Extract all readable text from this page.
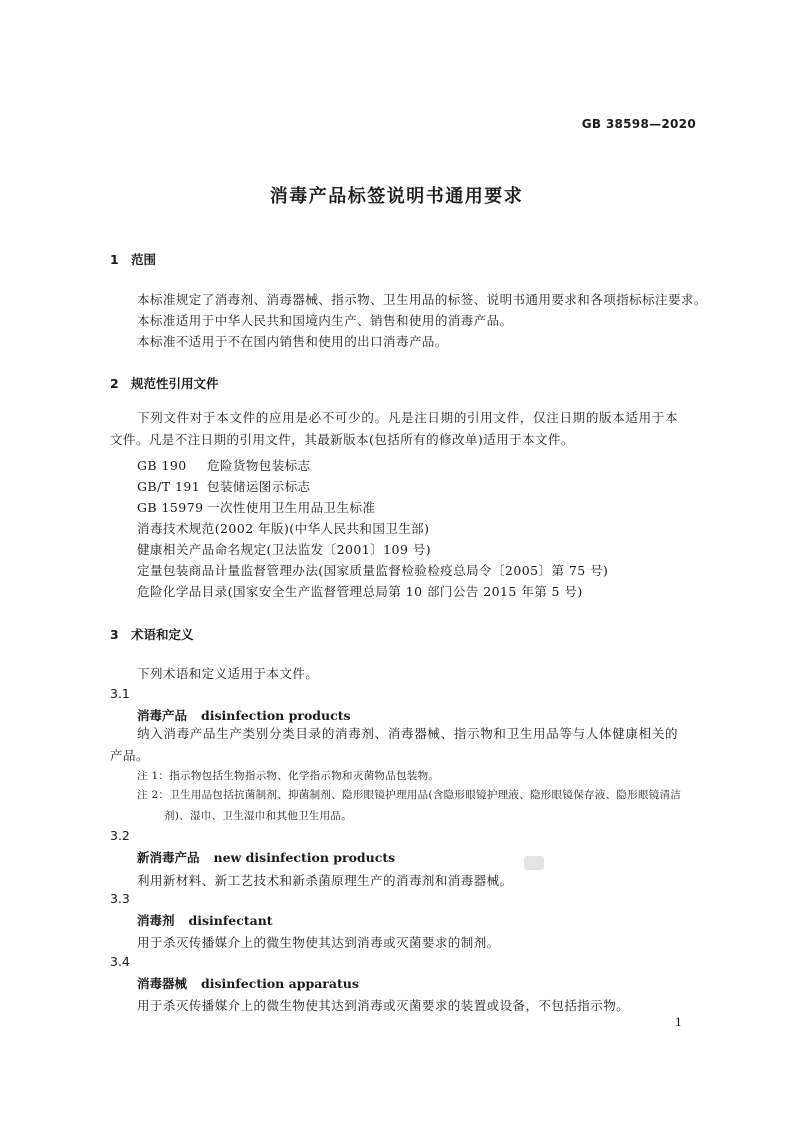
GB 38598—2020
消毒产品标签说明书通用要求
1 范围
本标准规定了消毒剂、消毒器械、指示物、卫生用品的标签、说明书通用要求和各项指标标注要求。
本标准适用于中华人民共和国境内生产、销售和使用的消毒产品。
本标准不适用于不在国内销售和使用的出口消毒产品。
2 规范性引用文件
下列文件对于本文件的应用是必不可少的。凡是注日期的引用文件，仅注日期的版本适用于本文件。凡是不注日期的引用文件，其最新版本(包括所有的修改单)适用于本文件。
GB 190 危险货物包装标志
GB/T 191 包装储运图示标志
GB 15979 一次性使用卫生用品卫生标准
消毒技术规范(2002 年版)(中华人民共和国卫生部)
健康相关产品命名规定(卫法监发〔2001〕109 号)
定量包装商品计量监督管理办法(国家质量监督检验检疫总局令〔2005〕第 75 号)
危险化学品目录(国家安全生产监督管理总局第 10 部门公告 2015 年第 5 号)
3 术语和定义
下列术语和定义适用于本文件。
3.1
消毒产品 disinfection products
纳入消毒产品生产类别分类目录的消毒剂、消毒器械、指示物和卫生用品等与人体健康相关的产品。
注 1：指示物包括生物指示物、化学指示物和灭菌物品包装物。
注 2：卫生用品包括抗菌制剂、抑菌制剂、隐形眼镜护理用品(含隐形眼镜护理液、隐形眼镜保存液、隐形眼镜清洁剂)、湿巾、卫生湿巾和其他卫生用品。
3.2
新消毒产品 new disinfection products
利用新材料、新工艺技术和新杀菌原理生产的消毒剂和消毒器械。
3.3
消毒剂 disinfectant
用于杀灭传播媒介上的微生物使其达到消毒或灭菌要求的制剂。
3.4
消毒器械 disinfection apparatus
用于杀灭传播媒介上的微生物使其达到消毒或灭菌要求的装置或设备，不包括指示物。
1
